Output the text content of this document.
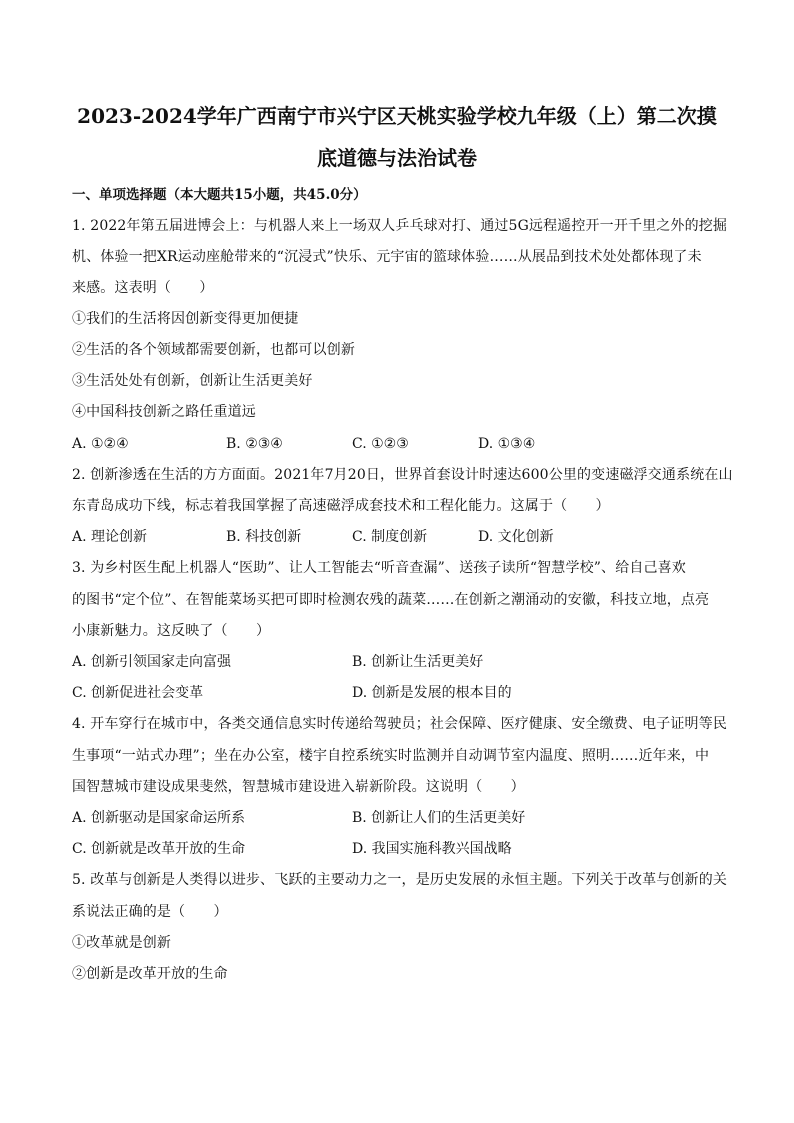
2023-2024学年广西南宁市兴宁区天桃实验学校九年级（上）第二次摸
底道德与法治试卷
一、单项选择题（本大题共15小题，共45.0分）
1. 2022年第五届进博会上：与机器人来上一场双人乒乓球对打、通过5G远程遥控开一开千里之外的挖掘
机、体验一把XR运动座舱带来的“沉浸式”快乐、元宇宙的篮球体验……从展品到技术处处都体现了未
来感。这表明（　　）
①我们的生活将因创新变得更加便捷
②生活的各个领域都需要创新，也都可以创新
③生活处处有创新，创新让生活更美好
④中国科技创新之路任重道远
A. ①②④	B. ②③④	C. ①②③	D. ①③④
2. 创新渗透在生活的方方面面。2021年7月20日，世界首套设计时速达600公里的变速磁浮交通系统在山
东青岛成功下线，标志着我国掌握了高速磁浮成套技术和工程化能力。这属于（　　）
A. 理论创新	B. 科技创新	C. 制度创新	D. 文化创新
3. 为乡村医生配上机器人“医助”、让人工智能去“听音查漏”、送孩子读所“智慧学校”、给自己喜欢
的图书“定个位”、在智能菜场买把可即时检测农残的蔬菜……在创新之潮涌动的安徽，科技立地，点亮
小康新魅力。这反映了（　　）
A. 创新引领国家走向富强	B. 创新让生活更美好
C. 创新促进社会变革	D. 创新是发展的根本目的
4. 开车穿行在城市中，各类交通信息实时传递给驾驶员；社会保障、医疗健康、安全缴费、电子证明等民
生事项“一站式办理”；坐在办公室，楼宇自控系统实时监测并自动调节室内温度、照明……近年来，中
国智慧城市建设成果斐然，智慧城市建设进入崭新阶段。这说明（　　）
A. 创新驱动是国家命运所系	B. 创新让人们的生活更美好
C. 创新就是改革开放的生命	D. 我国实施科教兴国战略
5. 改革与创新是人类得以进步、飞跃的主要动力之一，是历史发展的永恒主题。下列关于改革与创新的关
系说法正确的是（　　）
①改革就是创新
②创新是改革开放的生命
